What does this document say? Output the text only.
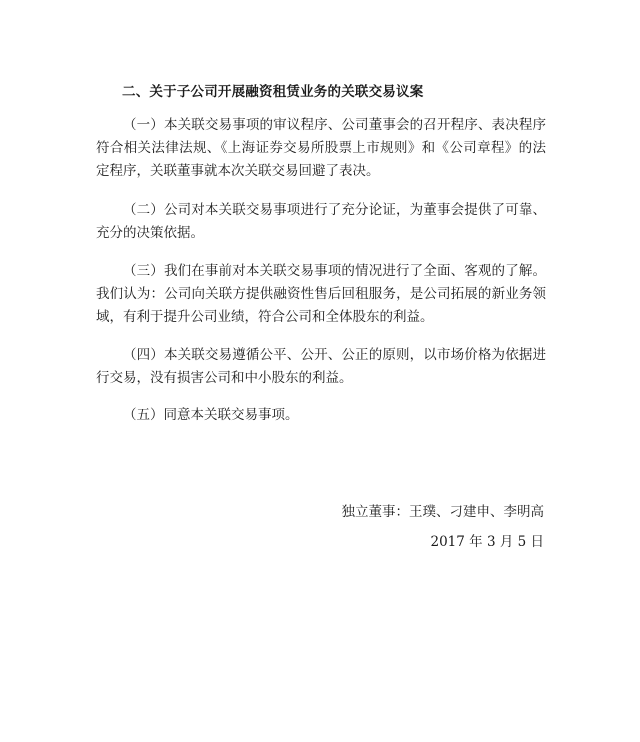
二、关于子公司开展融资租赁业务的关联交易议案

（一）本关联交易事项的审议程序、公司董事会的召开程序、表决程序符合相关法律法规、《上海证券交易所股票上市规则》和《公司章程》的法定程序，关联董事就本次关联交易回避了表决。

（二）公司对本关联交易事项进行了充分论证，为董事会提供了可靠、充分的决策依据。

（三）我们在事前对本关联交易事项的情况进行了全面、客观的了解。我们认为：公司向关联方提供融资性售后回租服务，是公司拓展的新业务领域，有利于提升公司业绩，符合公司和全体股东的利益。

（四）本关联交易遵循公平、公开、公正的原则，以市场价格为依据进行交易，没有损害公司和中小股东的利益。

（五）同意本关联交易事项。

独立董事：王璞、刁建申、李明高
2017 年 3 月 5 日
